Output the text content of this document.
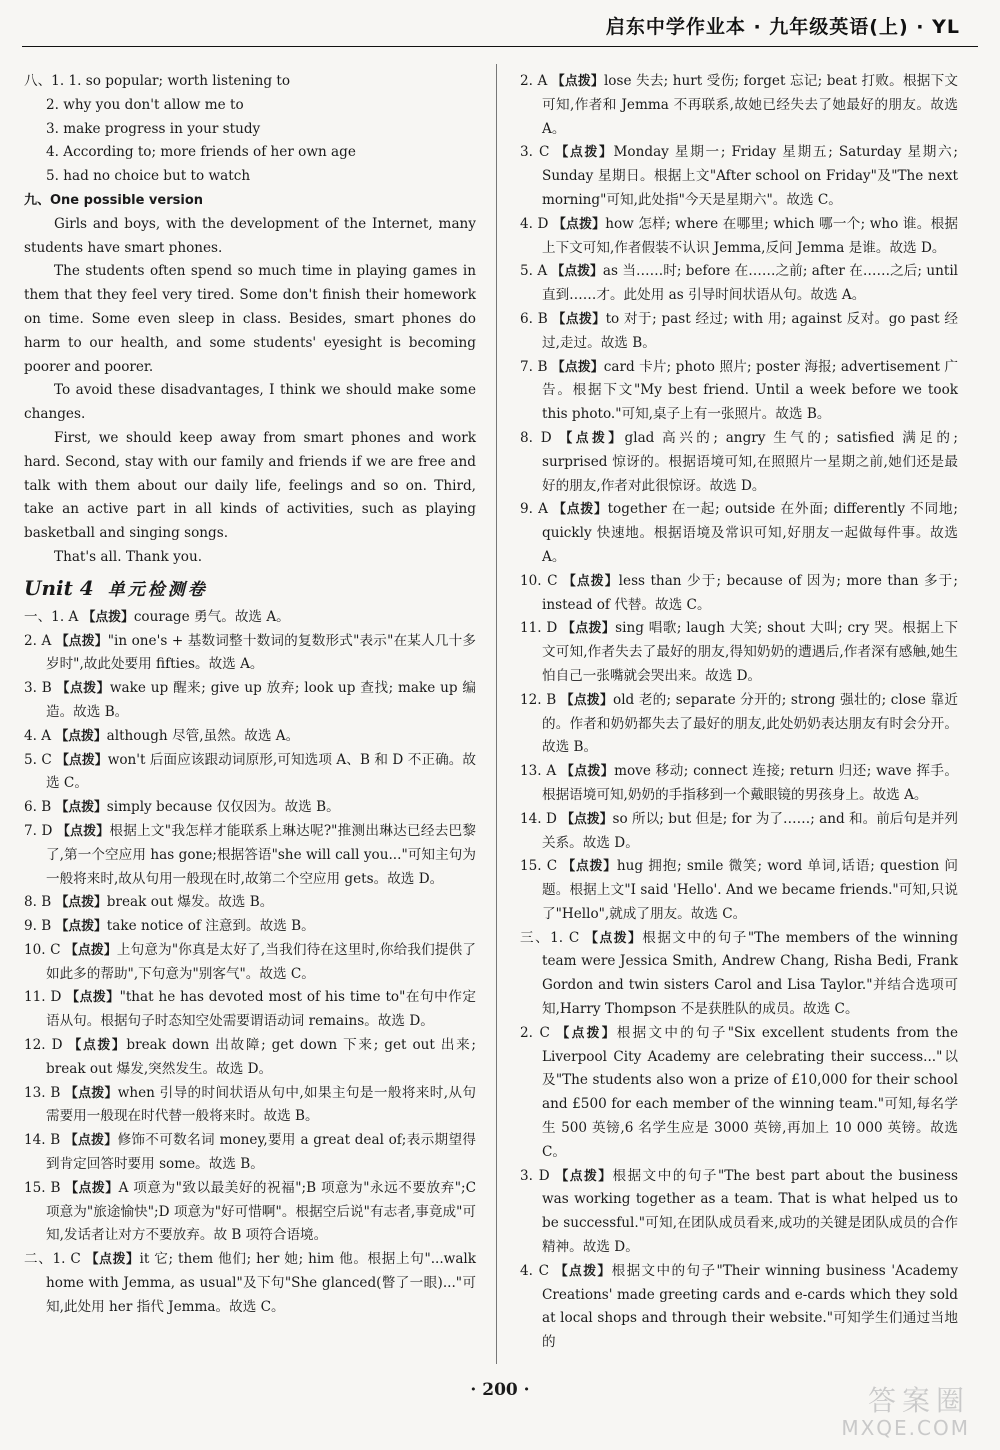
启东中学作业本 · 九年级英语(上) · YL

八、1. 1. so popular; worth listening to

2. why you don't allow me to

3. make progress in your study

4. According to; more friends of her own age

5. had no choice but to watch

九、One possible version

Girls and boys, with the development of the Internet, many students have smart phones.

The students often spend so much time in playing games in them that they feel very tired. Some don't finish their homework on time. Some even sleep in class. Besides, smart phones do harm to our health, and some students' eyesight is becoming poorer and poorer.

To avoid these disadvantages, I think we should make some changes.

First, we should keep away from smart phones and work hard. Second, stay with our family and friends if we are free and talk with them about our daily life, feelings and so on. Third, take an active part in all kinds of activities, such as playing basketball and singing songs.

That's all. Thank you.

Unit 4 单元检测卷

一、1. A 【点拨】courage 勇气。故选 A。

2. A 【点拨】"in one's + 基数词整十数词的复数形式"表示"在某人几十多岁时",故此处要用 fifties。故选 A。

3. B 【点拨】wake up 醒来; give up 放弃; look up 查找; make up 编造。故选 B。

4. A 【点拨】although 尽管,虽然。故选 A。

5. C 【点拨】won't 后面应该跟动词原形,可知选项 A、B 和 D 不正确。故选 C。

6. B 【点拨】simply because 仅仅因为。故选 B。

7. D 【点拨】根据上文"我怎样才能联系上琳达呢?"推测出琳达已经去巴黎了,第一个空应用 has gone;根据答语"she will call you..."可知主句为一般将来时,故从句用一般现在时,故第二个空应用 gets。故选 D。

8. B 【点拨】break out 爆发。故选 B。

9. B 【点拨】take notice of 注意到。故选 B。

10. C 【点拨】上句意为"你真是太好了,当我们待在这里时,你给我们提供了如此多的帮助",下句意为"别客气"。故选 C。

11. D 【点拨】"that he has devoted most of his time to"在句中作定语从句。根据句子时态知空处需要谓语动词 remains。故选 D。

12. D 【点拨】break down 出故障; get down 下来; get out 出来; break out 爆发,突然发生。故选 D。

13. B 【点拨】when 引导的时间状语从句中,如果主句是一般将来时,从句需要用一般现在时代替一般将来时。故选 B。

14. B 【点拨】修饰不可数名词 money,要用 a great deal of;表示期望得到肯定回答时要用 some。故选 B。

15. B 【点拨】A 项意为"致以最美好的祝福";B 项意为"永远不要放弃";C 项意为"旅途愉快";D 项意为"好可惜啊"。根据空后说"有志者,事竟成"可知,发话者让对方不要放弃。故 B 项符合语境。

二、1. C 【点拨】it 它; them 他们; her 她; him 他。根据上句"...walk home with Jemma, as usual"及下句"She glanced(瞥了一眼)..."可知,此处用 her 指代 Jemma。故选 C。

2. A 【点拨】lose 失去; hurt 受伤; forget 忘记; beat 打败。根据下文可知,作者和 Jemma 不再联系,故她已经失去了她最好的朋友。故选 A。

3. C 【点拨】Monday 星期一; Friday 星期五; Saturday 星期六; Sunday 星期日。根据上文"After school on Friday"及"The next morning"可知,此处指"今天是星期六"。故选 C。

4. D 【点拨】how 怎样; where 在哪里; which 哪一个; who 谁。根据上下文可知,作者假装不认识 Jemma,反问 Jemma 是谁。故选 D。

5. A 【点拨】as 当……时; before 在……之前; after 在……之后; until 直到……才。此处用 as 引导时间状语从句。故选 A。

6. B 【点拨】to 对于; past 经过; with 用; against 反对。go past 经过,走过。故选 B。

7. B 【点拨】card 卡片; photo 照片; poster 海报; advertisement 广告。根据下文"My best friend. Until a week before we took this photo."可知,桌子上有一张照片。故选 B。

8. D 【点拨】glad 高兴的; angry 生气的; satisfied 满足的; surprised 惊讶的。根据语境可知,在照照片一星期之前,她们还是最好的朋友,作者对此很惊讶。故选 D。

9. A 【点拨】together 在一起; outside 在外面; differently 不同地; quickly 快速地。根据语境及常识可知,好朋友一起做每件事。故选 A。

10. C 【点拨】less than 少于; because of 因为; more than 多于; instead of 代替。故选 C。

11. D 【点拨】sing 唱歌; laugh 大笑; shout 大叫; cry 哭。根据上下文可知,作者失去了最好的朋友,得知奶奶的遭遇后,作者深有感触,她生怕自己一张嘴就会哭出来。故选 D。

12. B 【点拨】old 老的; separate 分开的; strong 强壮的; close 靠近的。作者和奶奶都失去了最好的朋友,此处奶奶表达朋友有时会分开。故选 B。

13. A 【点拨】move 移动; connect 连接; return 归还; wave 挥手。根据语境可知,奶奶的手指移到一个戴眼镜的男孩身上。故选 A。

14. D 【点拨】so 所以; but 但是; for 为了……; and 和。前后句是并列关系。故选 D。

15. C 【点拨】hug 拥抱; smile 微笑; word 单词,话语; question 问题。根据上文"I said 'Hello'. And we became friends."可知,只说了"Hello",就成了朋友。故选 C。

三、1. C 【点拨】根据文中的句子"The members of the winning team were Jessica Smith, Andrew Chang, Risha Bedi, Frank Gordon and twin sisters Carol and Lisa Taylor."并结合选项可知,Harry Thompson 不是获胜队的成员。故选 C。

2. C 【点拨】根据文中的句子"Six excellent students from the Liverpool City Academy are celebrating their success..."以及"The students also won a prize of £10,000 for their school and £500 for each member of the winning team."可知,每名学生 500 英镑,6 名学生应是 3000 英镑,再加上 10 000 英镑。故选 C。

3. D 【点拨】根据文中的句子"The best part about the business was working together as a team. That is what helped us to be successful."可知,在团队成员看来,成功的关键是团队成员的合作精神。故选 D。

4. C 【点拨】根据文中的句子"Their winning business 'Academy Creations' made greeting cards and e-cards which they sold at local shops and through their website."可知学生们通过当地的

· 200 ·	答案圈
MXQE.COM
